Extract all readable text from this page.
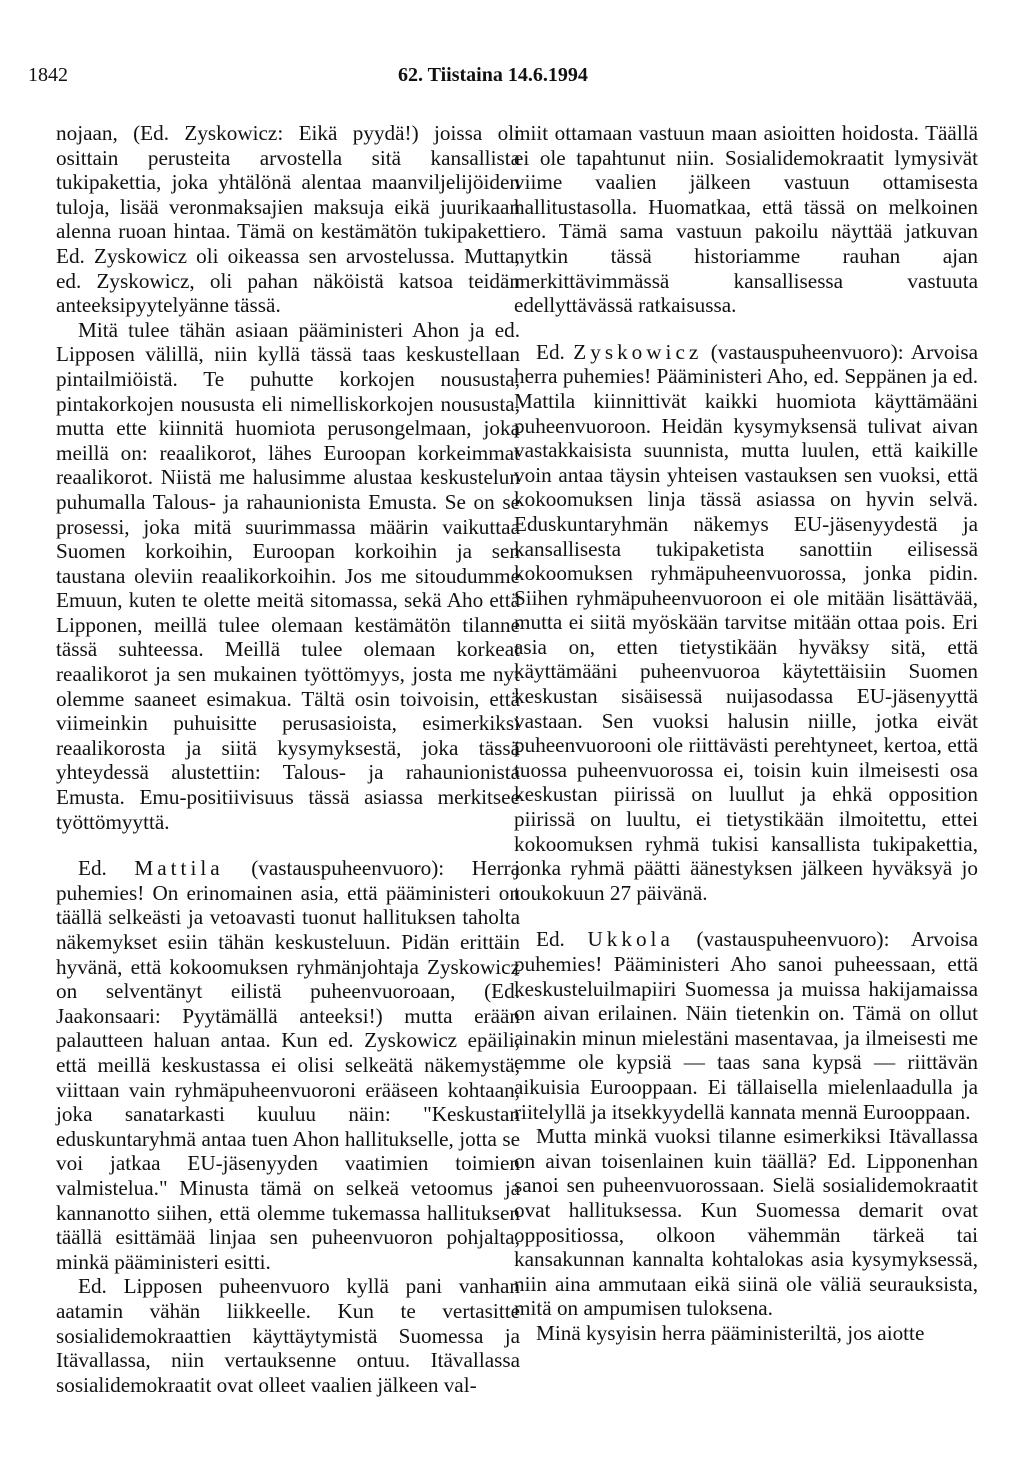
1842	62. Tiistaina 14.6.1994

nojaan, (Ed. Zyskowicz: Eikä pyydä!) joissa oli osittain perusteita arvostella sitä kansallista tukipakettia, joka yhtälönä alentaa maanviljelijöiden tuloja, lisää veronmaksajien maksuja eikä juurikaan alenna ruoan hintaa. Tämä on kestämätön tukipaketti. Ed. Zyskowicz oli oikeassa sen arvostelussa. Mutta, ed. Zyskowicz, oli pahan näköistä katsoa teidän anteeksipyytelyänne tässä.

Mitä tulee tähän asiaan pääministeri Ahon ja ed. Lipposen välillä, niin kyllä tässä taas keskustellaan pintailmiöistä. Te puhutte korkojen noususta, pintakorkojen noususta eli nimelliskorkojen noususta, mutta ette kiinnitä huomiota perusongelmaan, joka meillä on: reaalikorot, lähes Euroopan korkeimmat reaalikorot. Niistä me halusimme alustaa keskustelun puhumalla Talous- ja rahaunionista Emusta. Se on se prosessi, joka mitä suurimmassa määrin vaikuttaa Suomen korkoihin, Euroopan korkoihin ja sen taustana oleviin reaalikorkoihin. Jos me sitoudumme Emuun, kuten te olette meitä sitomassa, sekä Aho että Lipponen, meillä tulee olemaan kestämätön tilanne tässä suhteessa. Meillä tulee olemaan korkeat reaalikorot ja sen mukainen työttömyys, josta me nyt olemme saaneet esimakua. Tältä osin toivoisin, että viimeinkin puhuisitte perusasioista, esimerkiksi reaalikorosta ja siitä kysymyksestä, joka tässä yhteydessä alustettiin: Talous- ja rahaunionista Emusta. Emu-positiivisuus tässä asiassa merkitsee työttömyyttä.

Ed. Mattila (vastauspuheenvuoro): Herra puhemies! On erinomainen asia, että pääministeri on täällä selkeästi ja vetoavasti tuonut hallituksen taholta näkemykset esiin tähän keskusteluun. Pidän erittäin hyvänä, että kokoomuksen ryhmänjohtaja Zyskowicz on selventänyt eilistä puheenvuoroaan, (Ed. Jaakonsaari: Pyytämällä anteeksi!) mutta erään palautteen haluan antaa. Kun ed. Zyskowicz epäili, että meillä keskustassa ei olisi selkeätä näkemystä, viittaan vain ryhmäpuheenvuoroni erääseen kohtaan, joka sanatarkasti kuuluu näin: "Keskustan eduskuntaryhmä antaa tuen Ahon hallitukselle, jotta se voi jatkaa EU-jäsenyyden vaatimien toimien valmistelua." Minusta tämä on selkeä vetoomus ja kannanotto siihen, että olemme tukemassa hallituksen täällä esittämää linjaa sen puheenvuoron pohjalta, minkä pääministeri esitti.

Ed. Lipposen puheenvuoro kyllä pani vanhan aatamin vähän liikkeelle. Kun te vertasitte sosialidemokraattien käyttäytymistä Suomessa ja Itävallassa, niin vertauksenne ontuu. Itävallassa sosialidemokraatit ovat olleet vaalien jälkeen val-

miit ottamaan vastuun maan asioitten hoidosta. Täällä ei ole tapahtunut niin. Sosialidemokraatit lymysivät viime vaalien jälkeen vastuun ottamisesta hallitustasolla. Huomatkaa, että tässä on melkoinen ero. Tämä sama vastuun pakoilu näyttää jatkuvan nytkin tässä historiamme rauhan ajan merkittävimmässä kansallisessa vastuuta edellyttävässä ratkaisussa.

Ed. Zyskowicz (vastauspuheenvuoro): Arvoisa herra puhemies! Pääministeri Aho, ed. Seppänen ja ed. Mattila kiinnittivät kaikki huomiota käyttämääni puheenvuoroon. Heidän kysymyksensä tulivat aivan vastakkaisista suunnista, mutta luulen, että kaikille voin antaa täysin yhteisen vastauksen sen vuoksi, että kokoomuksen linja tässä asiassa on hyvin selvä. Eduskuntaryhmän näkemys EU-jäsenyydestä ja kansallisesta tukipaketista sanottiin eilisessä kokoomuksen ryhmäpuheenvuorossa, jonka pidin. Siihen ryhmäpuheenvuoroon ei ole mitään lisättävää, mutta ei siitä myöskään tarvitse mitään ottaa pois. Eri asia on, etten tietystikään hyväksy sitä, että käyttämääni puheenvuoroa käytettäisiin Suomen keskustan sisäisessä nuijasodassa EU-jäsenyyttä vastaan. Sen vuoksi halusin niille, jotka eivät puheenvuorooni ole riittävästi perehtyneet, kertoa, että tuossa puheenvuorossa ei, toisin kuin ilmeisesti osa keskustan piirissä on luullut ja ehkä opposition piirissä on luultu, ei tietystikään ilmoitettu, ettei kokoomuksen ryhmä tukisi kansallista tukipakettia, jonka ryhmä päätti äänestyksen jälkeen hyväksyä jo toukokuun 27 päivänä.

Ed. Ukkola (vastauspuheenvuoro): Arvoisa puhemies! Pääministeri Aho sanoi puheessaan, että keskusteluilmapiiri Suomessa ja muissa hakijamaissa on aivan erilainen. Näin tietenkin on. Tämä on ollut ainakin minun mielestäni masentavaa, ja ilmeisesti me emme ole kypsiä — taas sana kypsä — riittävän aikuisia Eurooppaan. Ei tällaisella mielenlaadulla ja riitelyllä ja itsekkyydellä kannata mennä Eurooppaan.

Mutta minkä vuoksi tilanne esimerkiksi Itävallassa on aivan toisenlainen kuin täällä? Ed. Lipponenhan sanoi sen puheenvuorossaan. Sielä sosialidemokraatit ovat hallituksessa. Kun Suomessa demarit ovat oppositiossa, olkoon vähemmän tärkeä tai kansakunnan kannalta kohtalokas asia kysymyksessä, niin aina ammutaan eikä siinä ole väliä seurauksista, mitä on ampumisen tuloksena.

Minä kysyisin herra pääministeriltä, jos aiotte
